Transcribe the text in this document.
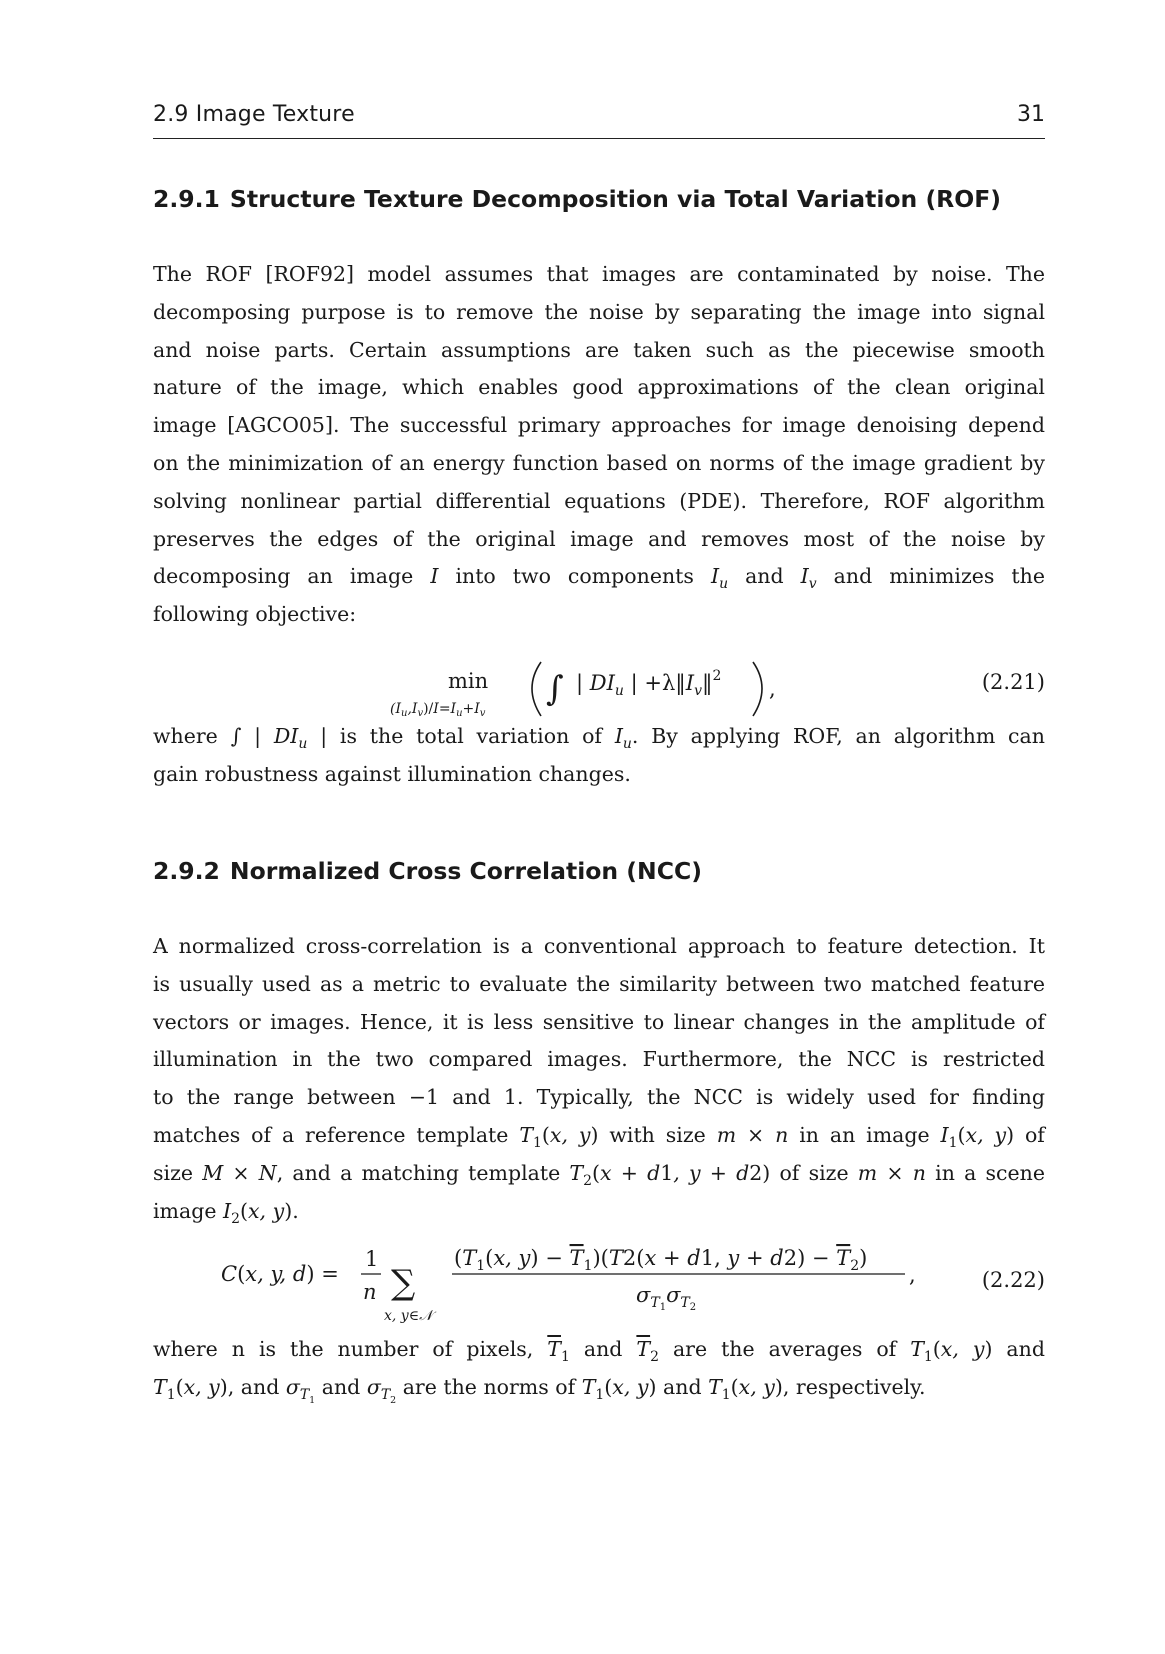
2.9 Image Texture	31
2.9.1 Structure Texture Decomposition via Total Variation (ROF)
The ROF [ROF92] model assumes that images are contaminated by noise. The
decomposing purpose is to remove the noise by separating the image into signal
and noise parts. Certain assumptions are taken such as the piecewise smooth
nature of the image, which enables good approximations of the clean original
image [AGCO05]. The successful primary approaches for image denoising depend
on the minimization of an energy function based on norms of the image gradient by
solving nonlinear partial differential equations (PDE). Therefore, ROF algorithm
preserves the edges of the original image and removes most of the noise by
decomposing an image I into two components $I_u$ and $I_v$ and minimizes the
following objective:
min
$(I_u,I_v)/I=I_u+I_v$
∫ | $DI_u$ | $+\lambda‖I_v‖^2$
,	(2.21)
where ∫ | $DI_u$ | is the total variation of $I_u$. By applying ROF, an algorithm can
gain robustness against illumination changes.
2.9.2 Normalized Cross Correlation (NCC)
A normalized cross-correlation is a conventional approach to feature detection. It
is usually used as a metric to evaluate the similarity between two matched feature
vectors or images. Hence, it is less sensitive to linear changes in the amplitude of
illumination in the two compared images. Furthermore, the NCC is restricted
to the range between −1 and 1. Typically, the NCC is widely used for finding
matches of a reference template $T_1(x$, y) with size m × n in an image $I_1(x$, y) of
size M × N, and a matching template $T_2(x + d1$, y + d2) of size m × n in a scene
image $I_2(x$, y).
C(x, y, d) =
1
n ∑
x, y∈𝒩
($T_1(x$, $y) - T_1)(T2(x + d1$, $y + d2) - T_2$)
$\sigma_T1\sigma_T2$
,	(2.22)
where n is the number of pixels, $\overline{T}_1$ and $\overline{T}_2$ are the averages of $T_1(x$, y) and
$T_1(x$, y), and $\sigma_{T_1}$ and $\sigma_{T_2}$ are the norms of $T_1(x$, y) and $T_1(x$, y), respectively.
